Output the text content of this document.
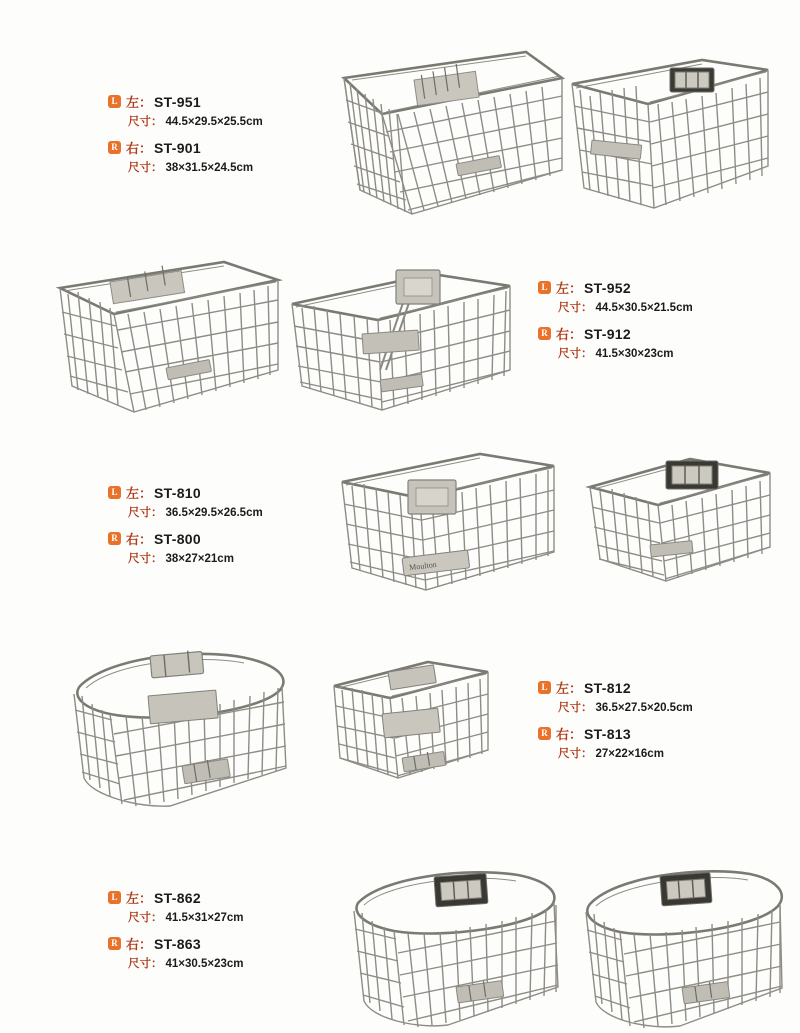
L 左： ST-951
尺寸： 44.5×29.5×25.5cm
R 右： ST-901
尺寸： 38×31.5×24.5cm
L 左： ST-952
尺寸： 44.5×30.5×21.5cm
R 右： ST-912
尺寸： 41.5×30×23cm
L 左： ST-810
尺寸： 36.5×29.5×26.5cm
R 右： ST-800
尺寸： 38×27×21cm
Moulton
L 左： ST-812
尺寸： 36.5×27.5×20.5cm
R 右： ST-813
尺寸： 27×22×16cm
L 左： ST-862
尺寸： 41.5×31×27cm
R 右： ST-863
尺寸： 41×30.5×23cm
